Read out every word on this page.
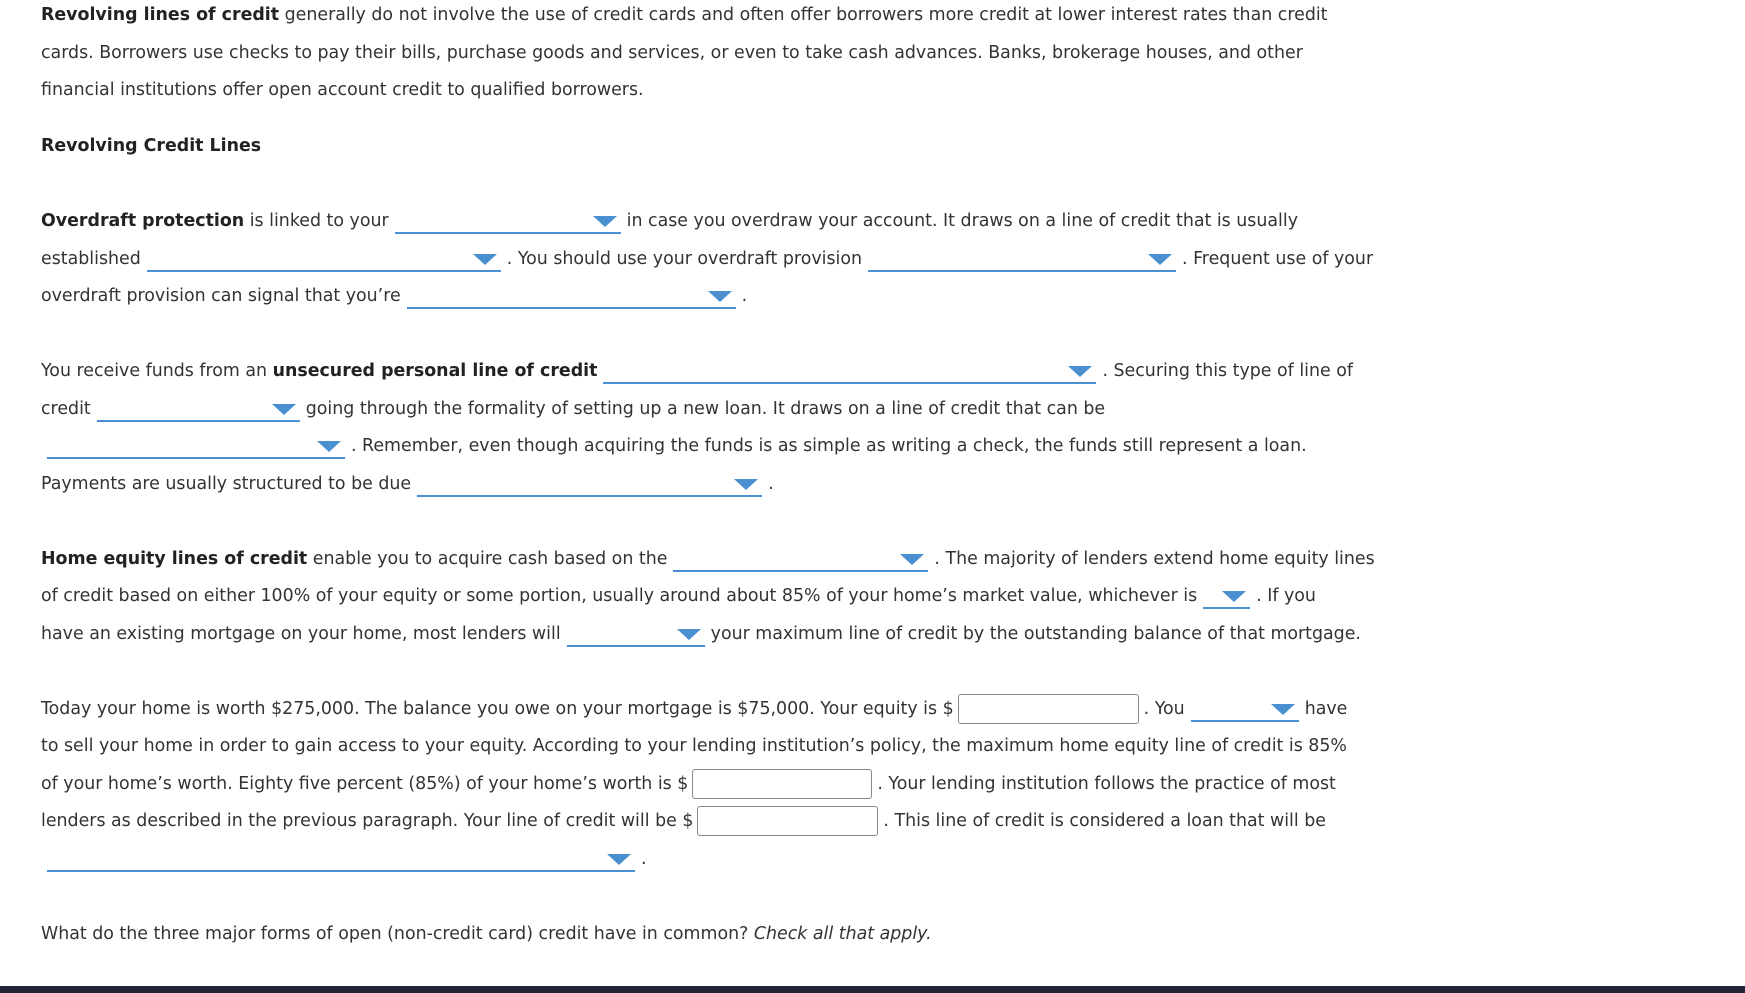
Revolving lines of credit generally do not involve the use of credit cards and often offer borrowers more credit at lower interest rates than credit
cards. Borrowers use checks to pay their bills, purchase goods and services, or even to take cash advances. Banks, brokerage houses, and other
financial institutions offer open account credit to qualified borrowers.
Revolving Credit Lines
Overdraft protection is linked to your	in case you overdraw your account. It draws on a line of credit that is usually
established	. You should use your overdraft provision	. Frequent use of your
overdraft provision can signal that you’re	.
You receive funds from an unsecured personal line of credit	. Securing this type of line of
credit	going through the formality of setting up a new loan. It draws on a line of credit that can be
. Remember, even though acquiring the funds is as simple as writing a check, the funds still represent a loan.
Payments are usually structured to be due	.
Home equity lines of credit enable you to acquire cash based on the	. The majority of lenders extend home equity lines
of credit based on either 100% of your equity or some portion, usually around about 85% of your home’s market value, whichever is	. If you
have an existing mortgage on your home, most lenders will	your maximum line of credit by the outstanding balance of that mortgage.
Today your home is worth $275,000. The balance you owe on your mortgage is $75,000. Your equity is $	. You	have
to sell your home in order to gain access to your equity. According to your lending institution’s policy, the maximum home equity line of credit is 85%
of your home’s worth. Eighty five percent (85%) of your home’s worth is $	. Your lending institution follows the practice of most
lenders as described in the previous paragraph. Your line of credit will be $	. This line of credit is considered a loan that will be
.
What do the three major forms of open (non-credit card) credit have in common? Check all that apply.
